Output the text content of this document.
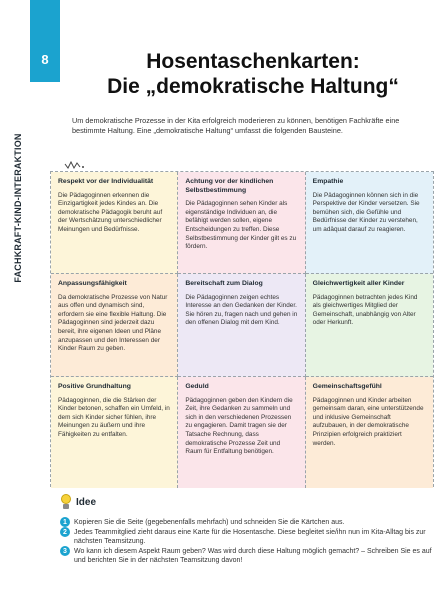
8
FACHKRAFT-KIND-INTERAKTION
Hosentaschenkarten:
Die „demokratische Haltung“
Um demokratische Prozesse in der Kita erfolgreich moderieren zu können, benötigen Fachkräfte eine bestimmte Haltung. Eine „demokratische Haltung“ umfasst die folgenden Bausteine.
Respekt vor der Individualität
Die Pädagoginnen erkennen die Einzigartigkeit jedes Kindes an. Die demokratische Pädagogik beruht auf der Wertschätzung unterschiedlicher Meinungen und Bedürfnisse.
Achtung vor der kindlichen Selbstbestimmung
Die Pädagoginnen sehen Kinder als eigenständige Individuen an, die befähigt werden sollen, eigene Entscheidungen zu treffen. Diese Selbstbestimmung der Kinder gilt es zu fördern.
Empathie
Die Pädagoginnen können sich in die Perspektive der Kinder versetzen. Sie bemühen sich, die Gefühle und Bedürfnisse der Kinder zu verstehen, um adäquat darauf zu reagieren.
Anpassungsfähigkeit
Da demokratische Prozesse von Natur aus offen und dynamisch sind, erfordern sie eine flexible Haltung. Die Pädagoginnen sind jederzeit dazu bereit, ihre eigenen Ideen und Pläne anzupassen und den Interessen der Kinder Raum zu geben.
Bereitschaft zum Dialog
Die Pädagoginnen zeigen echtes Interesse an den Gedanken der Kinder. Sie hören zu, fragen nach und gehen in den offenen Dialog mit dem Kind.
Gleichwertigkeit aller Kinder
Pädagoginnen betrachten jedes Kind als gleichwertiges Mitglied der Gemeinschaft, unabhängig von Alter oder Herkunft.
Positive Grundhaltung
Pädagoginnen, die die Stärken der Kinder betonen, schaffen ein Umfeld, in dem sich Kinder sicher fühlen, ihre Meinungen zu äußern und ihre Fähigkeiten zu entfalten.
Geduld
Pädagoginnen geben den Kindern die Zeit, ihre Gedanken zu sammeln und sich in den verschiedenen Prozessen zu engagieren. Damit tragen sie der Tatsache Rechnung, dass demokratische Prozesse Zeit und Raum für Entfaltung benötigen.
Gemeinschaftsgefühl
Pädagoginnen und Kinder arbeiten gemeinsam daran, eine unterstützende und inklusive Gemeinschaft aufzubauen, in der demokratische Prinzipien erfolgreich praktiziert werden.
Idee
1	Kopieren Sie die Seite (gegebenenfalls mehrfach) und schneiden Sie die Kärtchen aus.
2	Jedes Teammitglied zieht daraus eine Karte für die Hosentasche. Diese begleitet sie/ihn nun im Kita-Alltag bis zur nächsten Teamsitzung.
3	Wo kann ich diesem Aspekt Raum geben? Was wird durch diese Haltung möglich gemacht? – Schreiben Sie es auf und berichten Sie in der nächsten Teamsitzung davon!
